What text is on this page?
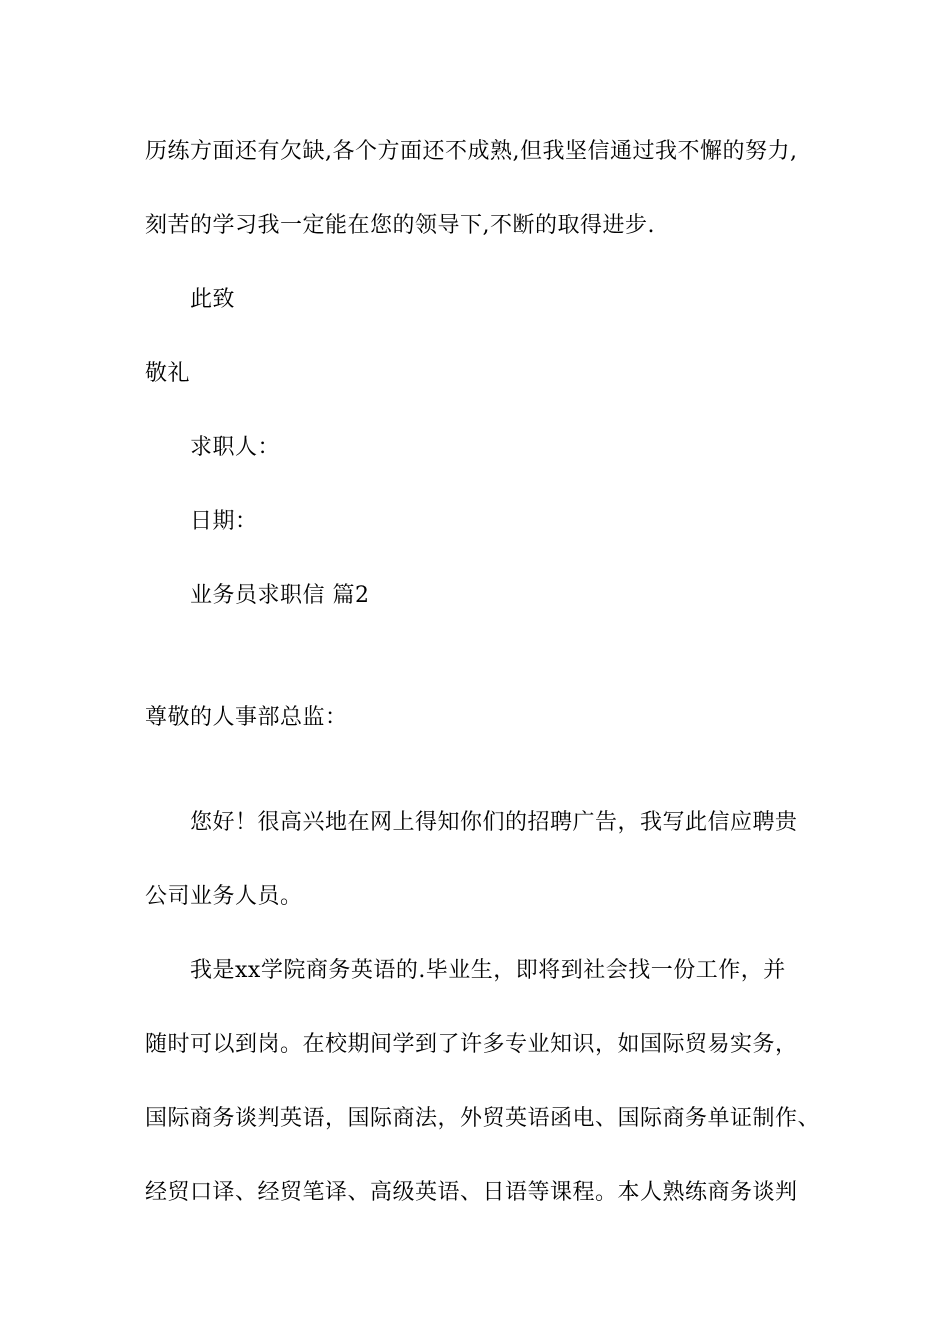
历练方面还有欠缺,各个方面还不成熟,但我坚信通过我不懈的努力,
刻苦的学习我一定能在您的领导下,不断的取得进步.
此致
敬礼
求职人：
日期：
业务员求职信 篇2
尊敬的人事部总监：
您好！很高兴地在网上得知你们的招聘广告，我写此信应聘贵
公司业务人员。
我是xx学院商务英语的.毕业生，即将到社会找一份工作，并
随时可以到岗。在校期间学到了许多专业知识，如国际贸易实务，
国际商务谈判英语，国际商法，外贸英语函电、国际商务单证制作、
经贸口译、经贸笔译、高级英语、日语等课程。本人熟练商务谈判
